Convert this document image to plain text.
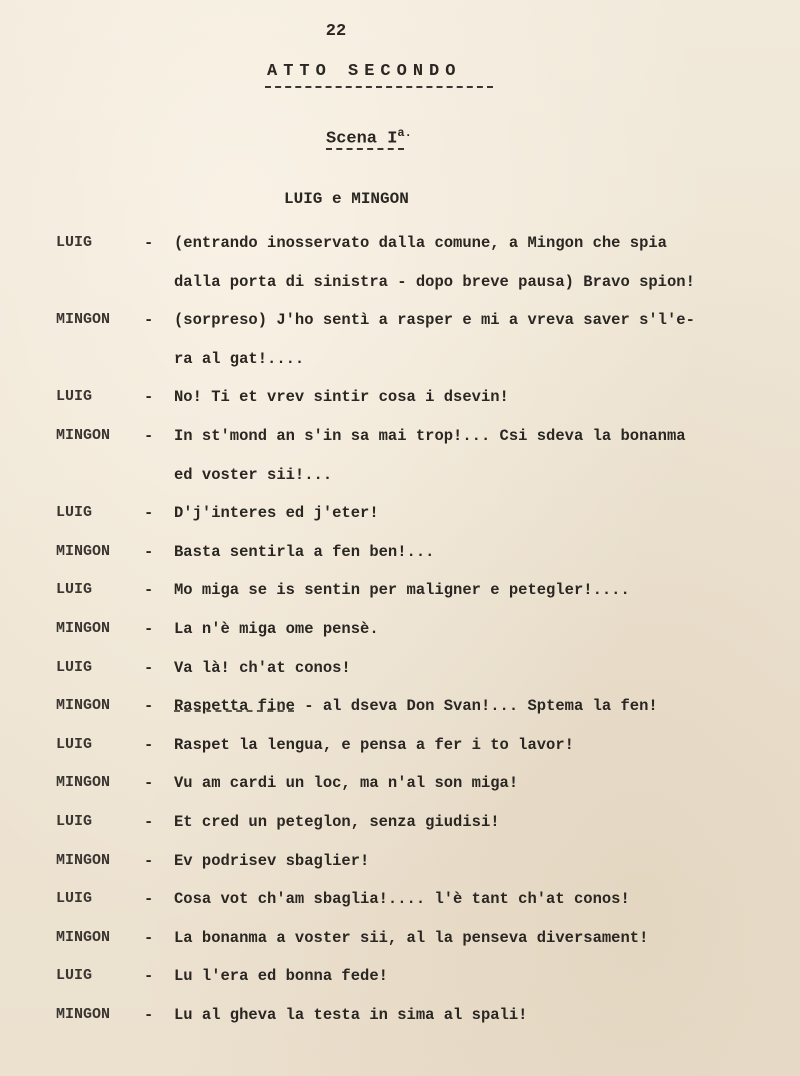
22
ATTO SECONDO
Scena $I^{a.}$
LUIG e MINGON
LUIG	- (entrando inosservato dalla comune, a Mingon che spia
dalla porta di sinistra - dopo breve pausa) Bravo spion!
MINGON - (sorpreso) J'ho sentì a rasper e mi a vreva saver s'l'e-
ra al gat!....
LUIG	- No! Ti et vrev sintir cosa i dsevin!
MINGON - In st'mond an s'in sa mai trop!... Csi sdeva la bonanma
ed voster sii!...
LUIG	- D'j'interes ed j'eter!
MINGON - Basta sentirla a fen ben!...
LUIG	- Mo miga se is sentin per maligner e petegler!....
MINGON - La n'è miga ome pensè.
LUIG	- Va là! ch'at conos!
MINGON - Raspetta fine - al dseva Don Svan!... Sptema la fen!
LUIG	- Raspet la lengua, e pensa a fer i to lavor!
MINGON - Vu am cardi un loc, ma n'al son miga!
LUIG	- Et cred un peteglon, senza giudisi!
MINGON - Ev podrisev sbaglier!
LUIG	- Cosa vot ch'am sbaglia!.... l'è tant ch'at conos!
MINGON - La bonanma a voster sii, al la penseva diversament!
LUIG	- Lu l'era ed bonna fede!
MINGON - Lu al gheva la testa in sima al spali!
